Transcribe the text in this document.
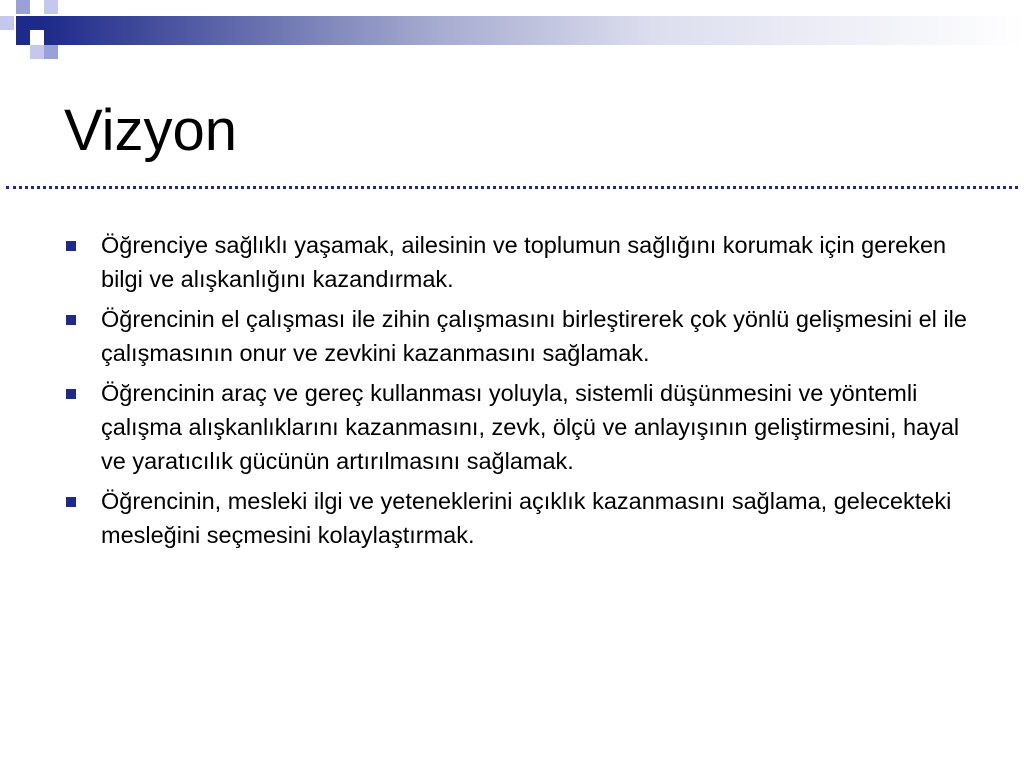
Vizyon
Öğrenciye sağlıklı yaşamak, ailesinin ve toplumun sağlığını korumak için gereken bilgi ve alışkanlığını kazandırmak.
Öğrencinin el çalışması ile zihin çalışmasını birleştirerek çok yönlü gelişmesini el ile çalışmasının onur ve zevkini kazanmasını sağlamak.
Öğrencinin araç ve gereç kullanması yoluyla, sistemli düşünmesini ve yöntemli çalışma alışkanlıklarını kazanmasını, zevk, ölçü ve anlayışının geliştirmesini, hayal ve yaratıcılık gücünün artırılmasını sağlamak.
Öğrencinin, mesleki ilgi ve yeteneklerini açıklık kazanmasını sağlama, gelecekteki mesleğini seçmesini kolaylaştırmak.
